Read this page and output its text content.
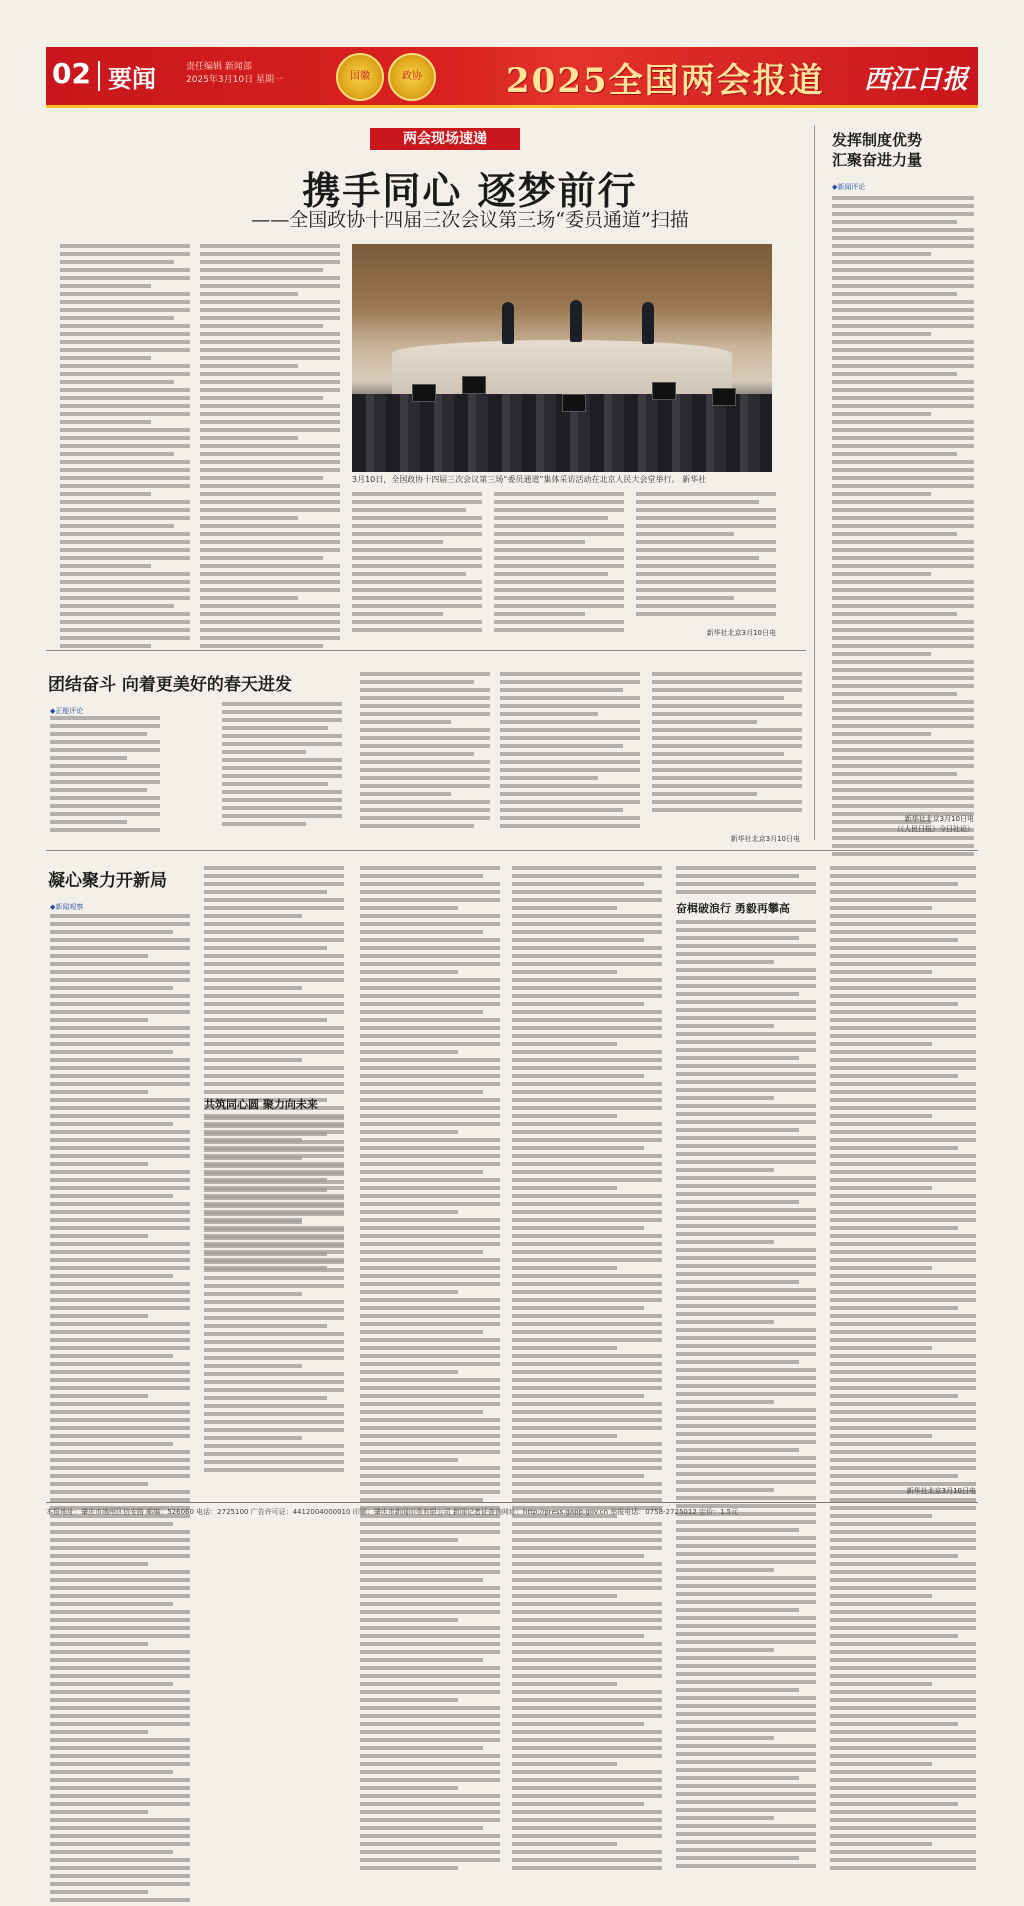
02 要闻	责任编辑 新闻部
2025年3月10日 星期一	国徽	政协	2025全国两会报道 西江日报
两会现场速递
携手同心 逐梦前行
——全国政协十四届三次会议第三场“委员通道”扫描
3月10日，全国政协十四届三次会议第三场“委员通道”集体采访活动在北京人民大会堂举行。 新华社
新华社北京3月10日电
发挥制度优势
汇聚奋进力量
◆新闻评论
新华社北京3月10日电
（《人民日报》今日社论）
团结奋斗 向着更美好的春天进发
◆正能评论
新华社北京3月10日电
凝心聚力开新局
◆新闻观察
共筑同心圆 聚力向未来
奋楫破浪行 勇毅再攀高
新华社北京3月10日电
本报地址：肇庆市端州区信安路 邮编：526060 电话：2725100 广告许可证：4412004000010 印刷：肇庆市新闻印务有限公司 新闻记者证查询网址：http://press.gapp.gov.cn 举报电话：0758-2725012 定价：1.5元
